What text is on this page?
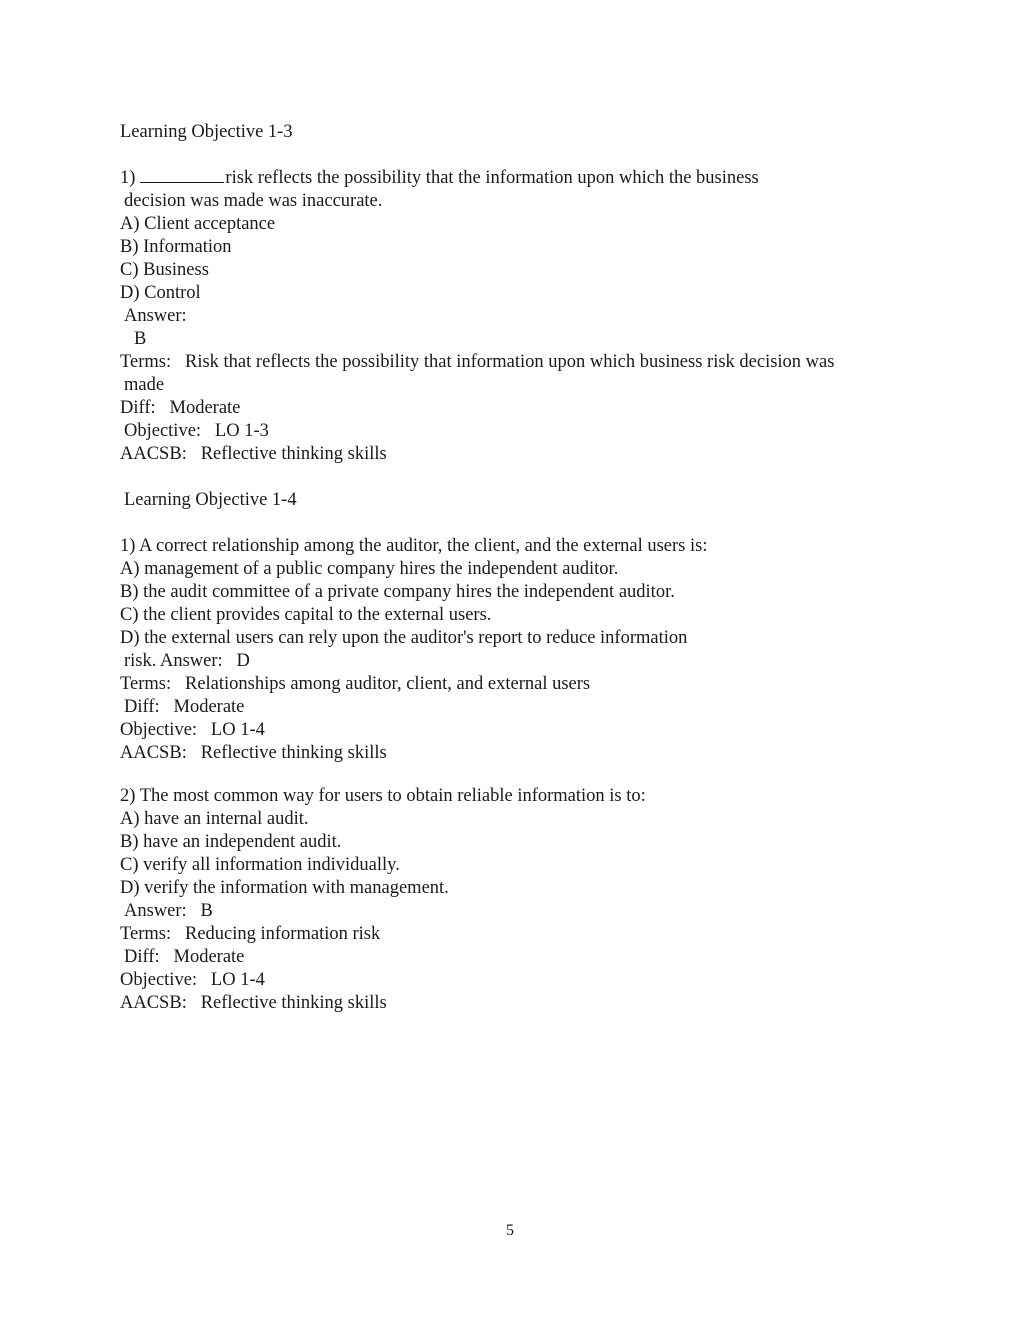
Learning Objective 1-3

1)	risk reflects the possibility that the information upon which the business

decision was made was inaccurate.

A) Client acceptance

B) Information

C) Business

D) Control

Answer:

B

Terms:   Risk that reflects the possibility that information upon which business risk decision was

made

Diff:   Moderate

Objective:   LO 1-3

AACSB:   Reflective thinking skills

Learning Objective 1-4

1) A correct relationship among the auditor, the client, and the external users is:

A) management of a public company hires the independent auditor.

B) the audit committee of a private company hires the independent auditor.

C) the client provides capital to the external users.

D) the external users can rely upon the auditor's report to reduce information

risk. Answer:   D

Terms:   Relationships among auditor, client, and external users

Diff:   Moderate

Objective:   LO 1-4

AACSB:   Reflective thinking skills

2) The most common way for users to obtain reliable information is to:

A) have an internal audit.

B) have an independent audit.

C) verify all information individually.

D) verify the information with management.

Answer:   B

Terms:   Reducing information risk

Diff:   Moderate

Objective:   LO 1-4

AACSB:   Reflective thinking skills

5
